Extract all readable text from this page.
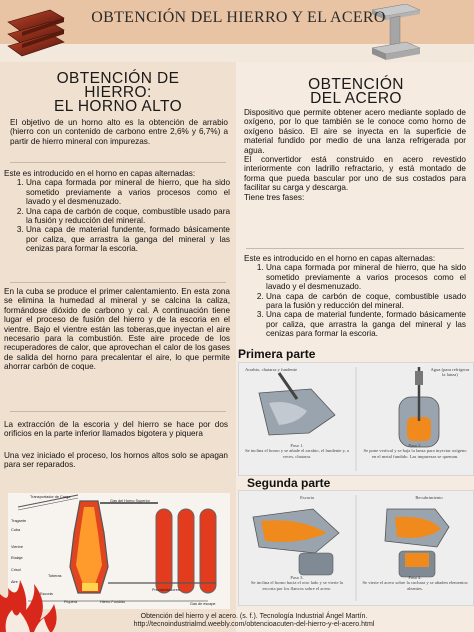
OBTENCIÓN DEL HIERRO Y EL ACERO
OBTENCIÓN DE
HIERRO:
EL HORNO ALTO
El objetivo de un horno alto es la obtención de arrabio (hierro con un contenido de carbono entre 2,6% y 6,7%) a partir de hierro mineral con impurezas.

Este es introducido en el horno en capas alternadas:

1. Una capa formada por mineral de hierro, que ha sido sometido previamente a varios procesos como el lavado y el desmenuzado.
2. Una capa de carbón de coque, combustible usado para la fusión y reducción del mineral.
3. Una capa de material fundente, formado básicamente por caliza, que arrastra la ganga del mineral y las cenizas para formar la escoria.
En la cuba se produce el primer calentamiento. En esta zona se elimina la humedad al mineral y se calcina la caliza, formándose dióxido de carbono y cal. A continuación tiene lugar el proceso de fusión del hierro y de la escoria en el vientre. Bajo el vientre están las toberas,que inyectan el aire necesario para la combustión. Este aire procede de los recuperadores de calor, que aprovechan el calor de los gases de salida del horno para precalentar el aire, lo que permite ahorrar carbón de coque.
La extracción de la escoria y del hierro se hace por dos orificios en la parte inferior llamados bigotera y piquera
Una vez iniciado el proceso, los hornos altos solo se apagan para ser reparados.
Transportador de Carga
Gas del Horno Superior
Tragante
Cuba
Vientre
Etalaje
Crisol
Aire
Toberas
Escoria
Piquera	Hierro Fundido
Precalentadores
Gas de escape
OBTENCIÓN
DEL ACERO

Dispositivo que permite obtener acero mediante soplado de oxígeno, por lo que también se le conoce como horno de oxígeno básico. El aire se inyecta en la superficie de material fundido por medio de una lanza refrigerada por agua.

El convertidor está construido en acero revestido interiormente con ladrillo refractario, y está montado de forma que pueda bascular por uno de sus costados para facilitar su carga y descarga.

Tiene tres fases:

Este es introducido en el horno en capas alternadas:

1. Una capa formada por mineral de hierro, que ha sido sometido previamente a varios procesos como el lavado y el desmenuzado.
2. Una capa de carbón de coque, combustible usado para la fusión y reducción del mineral.
3. Una capa de material fundente, formado básicamente por caliza, que arrastra la ganga del mineral y las cenizas para formar la escoria.
Primera parte
Arrabio, chatarra y fundente	Agua (para refrigerar la lanza)
Paso 1.
Se inclina el horno y se añade el arrabio, el fundente y, a veces, chatarra.
Paso 2.
Se pone vertical y se baja la lanza para inyectar oxígeno en el metal fundido. Las impurezas se queman.
Segunda parte
Escoria	Recubrimiento
Paso 3.
Se inclina el horno hacia el otro lado y se vierte la escoria por los flancos sobre el acero.
Paso 4.
Se vierte el acero sobre la cuchara y se añaden elementos aleantes.
Obtención del hierro y el acero. (s. f.). Tecnología Industrial Ángel Martín.
http://tecnoindustrialmd.weebly.com/obtencioacuten-del-hierro-y-el-acero.html
